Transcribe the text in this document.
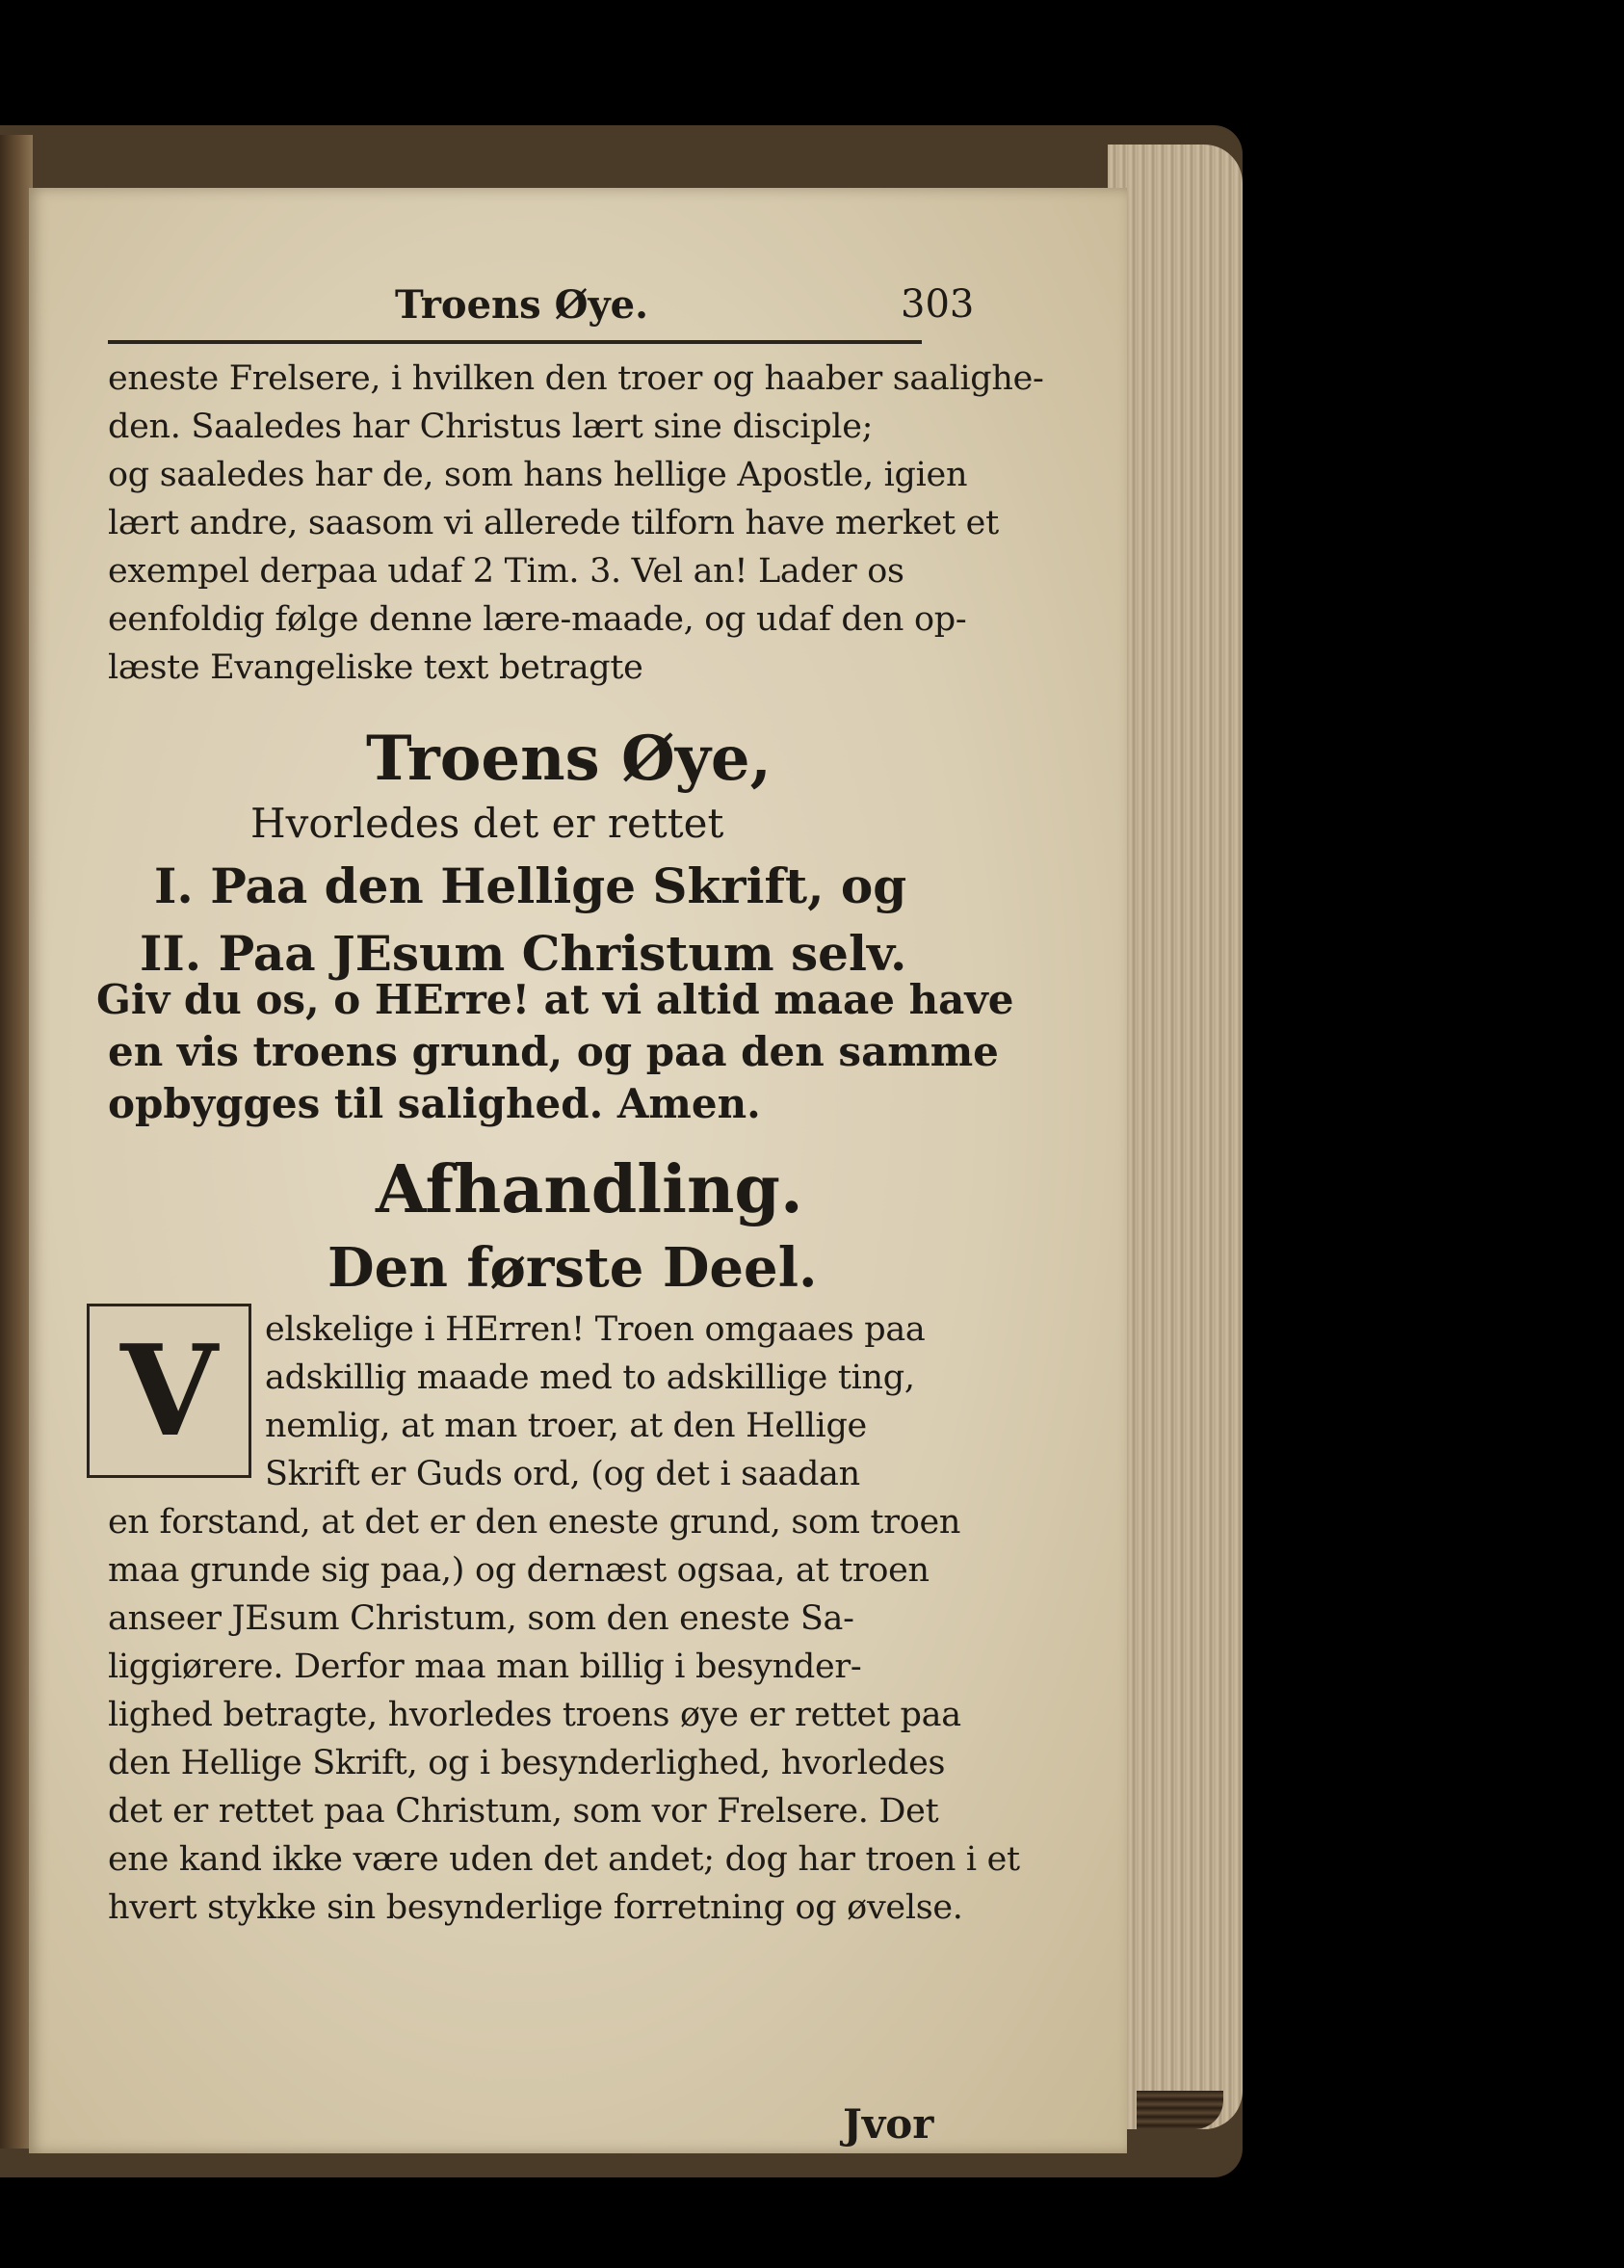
Troens Øye.	303
eneste Frelsere, i hvilken den troer og haaber saalighe-
den. Saaledes har Christus lært sine disciple;
og saaledes har de, som hans hellige Apostle, igien
lært andre, saasom vi allerede tilforn have merket et
exempel derpaa udaf 2 Tim. 3. Vel an! Lader os
eenfoldig følge denne lære-maade, og udaf den op-
læste Evangeliske text betragte
Troens Øye,
Hvorledes det er rettet
I. Paa den Hellige Skrift, og
II. Paa JEsum Christum selv.
Giv du os, o HErre! at vi altid maae have
en vis troens grund, og paa den samme
opbygges til salighed. Amen.
Afhandling.
Den første Deel.
V	elskelige i HErren! Troen omgaaes paa
adskillig maade med to adskillige ting,
nemlig, at man troer, at den Hellige
Skrift er Guds ord, (og det i saadan
en forstand, at det er den eneste grund, som troen
maa grunde sig paa,) og dernæst ogsaa, at troen
anseer JEsum Christum, som den eneste Sa-
liggiørere. Derfor maa man billig i besynder-
lighed betragte, hvorledes troens øye er rettet paa
den Hellige Skrift, og i besynderlighed, hvorledes
det er rettet paa Christum, som vor Frelsere. Det
ene kand ikke være uden det andet; dog har troen i et
hvert stykke sin besynderlige forretning og øvelse.
Jvor
